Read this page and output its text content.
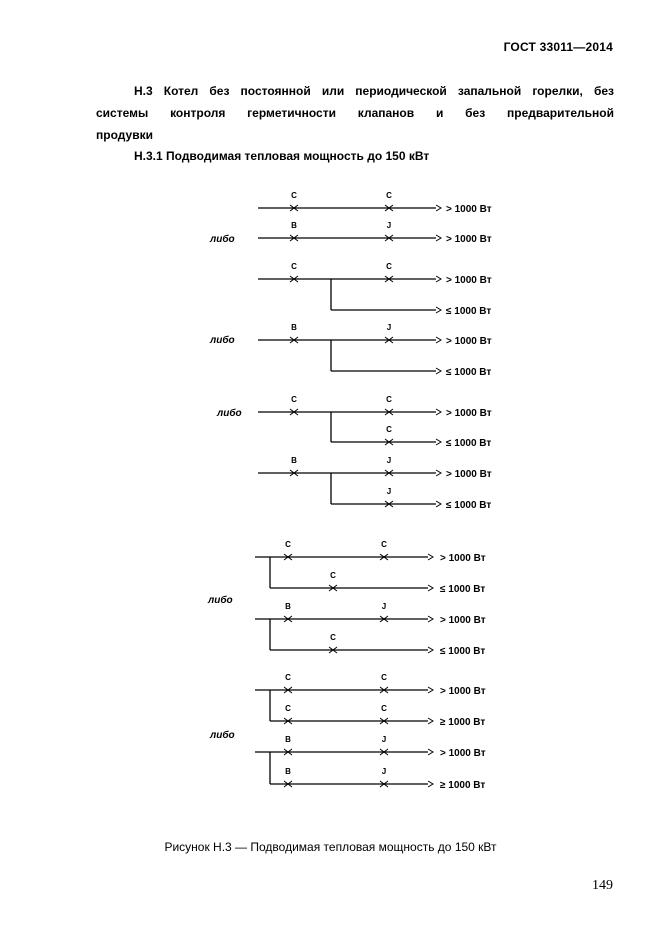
ГОСТ 33011—2014
Н.3 Котел без постоянной или периодической запальной горелки, без
системы контроля герметичности клапанов и без предварительной
продувки
Н.3.1 Подводимая тепловая мощность до 150 кВт
C	C
> 1000 Вт
либо
B	J
> 1000 Вт
C	C
> 1000 Вт
≤ 1000 Вт
либо
B	J
> 1000 Вт
≤ 1000 Вт
либо
C	C
> 1000 Вт
C
≤ 1000 Вт
B	J
> 1000 Вт
J
≤ 1000 Вт
C	C
> 1000 Вт
C
≤ 1000 Вт
либо
B	J
> 1000 Вт
C
≤ 1000 Вт
C	C
> 1000 Вт
C	C
≥ 1000 Вт
либо	B	J
> 1000 Вт
B	J
≥ 1000 Вт
Рисунок Н.3 — Подводимая тепловая мощность до 150 кВт
149
